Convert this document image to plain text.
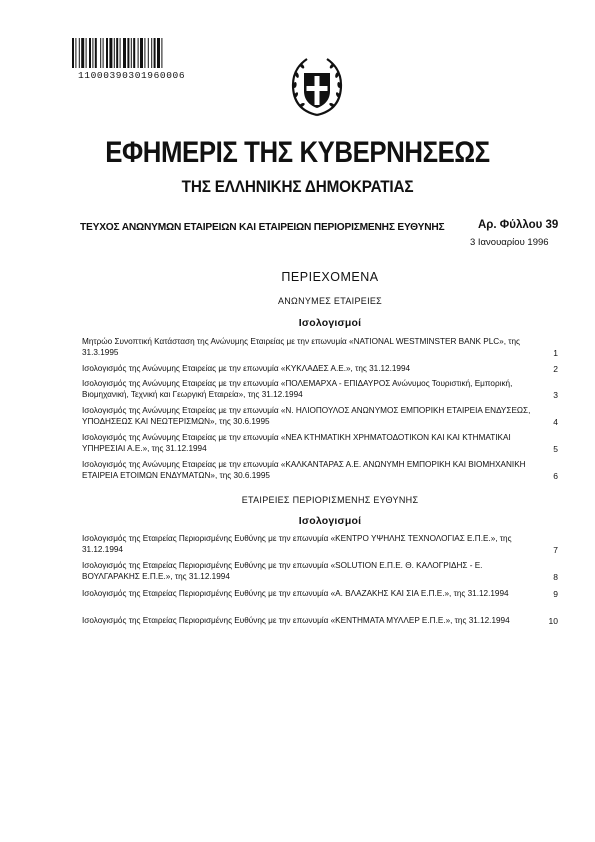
11000390301960006
ΕΦΗΜΕΡΙΣ ΤΗΣ ΚΥΒΕΡΝΗΣΕΩΣ
ΤΗΣ ΕΛΛΗΝΙΚΗΣ ΔΗΜΟΚΡΑΤΙΑΣ
ΤΕΥΧΟΣ ΑΝΩΝΥΜΩΝ ΕΤΑΙΡΕΙΩΝ ΚΑΙ ΕΤΑΙΡΕΙΩΝ ΠΕΡΙΟΡΙΣΜΕΝΗΣ ΕΥΘΥΝΗΣ	Αρ. Φύλλου 39
3 Ιανουαρίου 1996
ΠΕΡΙΕΧΟΜΕΝΑ
ΑΝΩΝΥΜΕΣ ΕΤΑΙΡΕΙΕΣ
Ισολογισμοί
Μητρώο Συνοπτική Κατάσταση της Ανώνυμης Εταιρείας με την επωνυμία «NATIONAL WESTMINSTER BANK PLC», της 31.3.1995	1
Ισολογισμός της Ανώνυμης Εταιρείας με την επωνυμία «ΚΥΚΛΑΔΕΣ Α.Ε.», της 31.12.1994	2
Ισολογισμός της Ανώνυμης Εταιρείας με την επωνυμία «ΠΟΛΕΜΑΡΧΑ - ΕΠΙΔΑΥΡΟΣ Ανώνυμος Τουριστική, Εμπορική, Βιομηχανική, Τεχνική και Γεωργική Εταιρεία», της 31.12.1994	3
Ισολογισμός της Ανώνυμης Εταιρείας με την επωνυμία «Ν. ΗΛΙΟΠΟΥΛΟΣ ΑΝΩΝΥΜΟΣ ΕΜΠΟΡΙΚΗ ΕΤΑΙΡΕΙΑ ΕΝΔΥΣΕΩΣ, ΥΠΟΔΗΣΕΩΣ ΚΑΙ ΝΕΩΤΕΡΙΣΜΩΝ», της 30.6.1995	4
Ισολογισμός της Ανώνυμης Εταιρείας με την επωνυμία «ΝΕΑ ΚΤΗΜΑΤΙΚΗ ΧΡΗΜΑΤΟΔΟΤΙΚΟΝ ΚΑΙ ΚΑΙ ΚΤΗΜΑΤΙΚΑΙ ΥΠΗΡΕΣΙΑΙ Α.Ε.», της 31.12.1994	5
Ισολογισμός της Ανώνυμης Εταιρείας με την επωνυμία «ΚΑΛΚΑΝΤΑΡΑΣ Α.Ε. ΑΝΩΝΥΜΗ ΕΜΠΟΡΙΚΗ ΚΑΙ ΒΙΟΜΗΧΑΝΙΚΗ ΕΤΑΙΡΕΙΑ ΕΤΟΙΜΩΝ ΕΝΔΥΜΑΤΩΝ», της 30.6.1995	6
ΕΤΑΙΡΕΙΕΣ ΠΕΡΙΟΡΙΣΜΕΝΗΣ ΕΥΘΥΝΗΣ
Ισολογισμοί
Ισολογισμός της Εταιρείας Περιορισμένης Ευθύνης με την επωνυμία «ΚΕΝΤΡΟ ΥΨΗΛΗΣ ΤΕΧΝΟΛΟΓΙΑΣ Ε.Π.Ε.», της 31.12.1994	7
Ισολογισμός της Εταιρείας Περιορισμένης Ευθύνης με την επωνυμία «SOLUTION Ε.Π.Ε. Θ. ΚΑΛΟΓΡΙΔΗΣ - Ε. ΒΟΥΛΓΑΡΑΚΗΣ Ε.Π.Ε.», της 31.12.1994	8
Ισολογισμός της Εταιρείας Περιορισμένης Ευθύνης με την επωνυμία «Α. ΒΛΑΖΑΚΗΣ ΚΑΙ ΣΙΑ Ε.Π.Ε.», της 31.12.1994	9
Ισολογισμός της Εταιρείας Περιορισμένης Ευθύνης με την επωνυμία «ΚΕΝΤΗΜΑΤΑ ΜΥΛΛΕΡ Ε.Π.Ε.», της 31.12.1994	10
